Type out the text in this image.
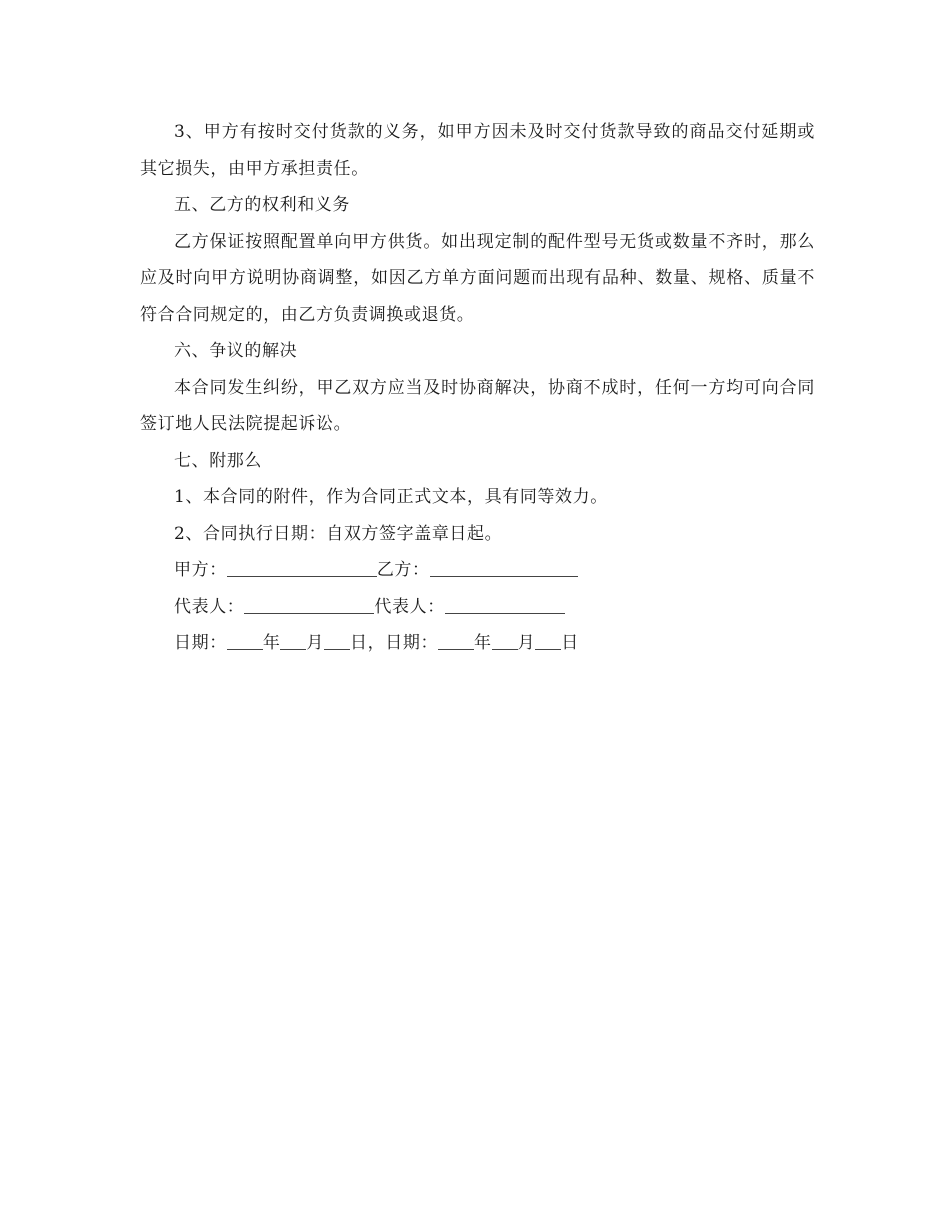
3、甲方有按时交付货款的义务，如甲方因未及时交付货款导致的商品交付延期或其它损失，由甲方承担责任。

五、乙方的权利和义务

乙方保证按照配置单向甲方供货。如出现定制的配件型号无货或数量不齐时，那么应及时向甲方说明协商调整，如因乙方单方面问题而出现有品种、数量、规格、质量不符合合同规定的，由乙方负责调换或退货。

六、争议的解决

本合同发生纠纷，甲乙双方应当及时协商解决，协商不成时，任何一方均可向合同签订地人民法院提起诉讼。

七、附那么

1、本合同的附件，作为合同正式文本，具有同等效力。

2、合同执行日期：自双方签字盖章日起。

甲方：	乙方：
代表人：	代表人：
日期： 年 月 日，日期： 年 月 日
